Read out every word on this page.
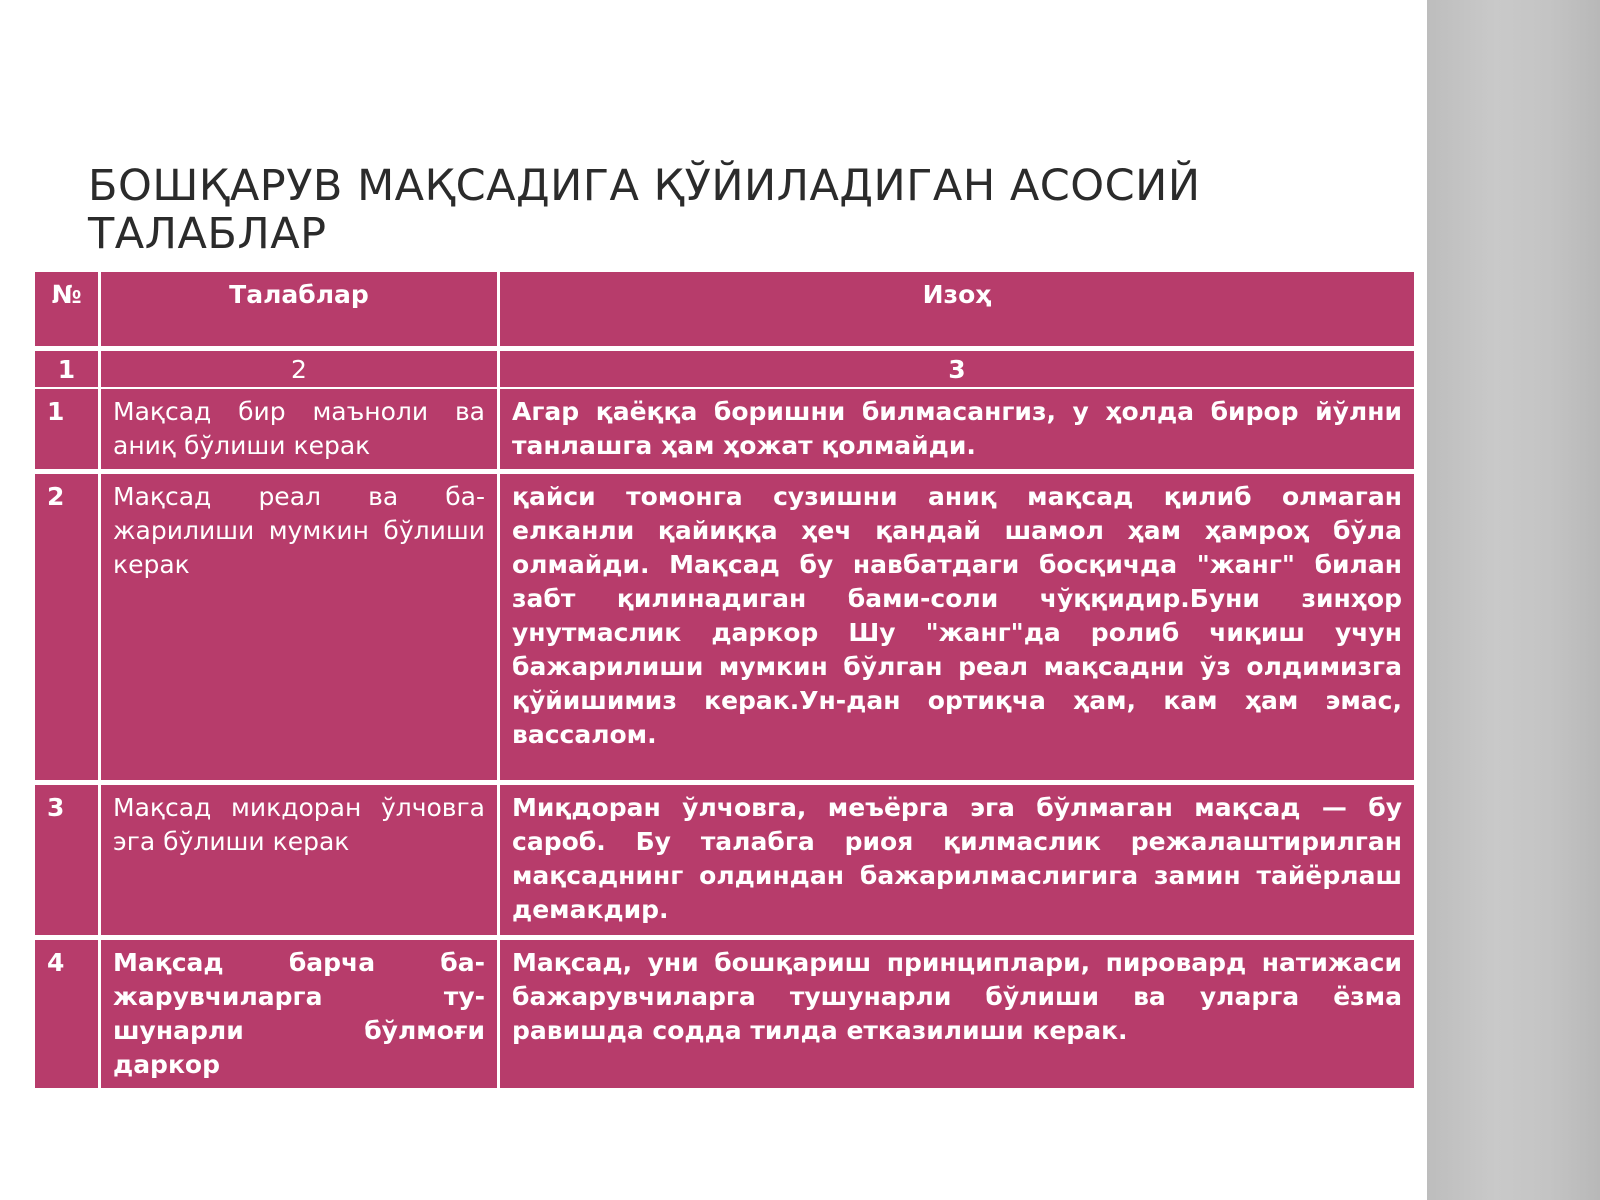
БОШҚАРУВ МАҚСАДИГА ҚЎЙИЛАДИГАН АСОСИЙ ТАЛАБЛАР
№	Талаблар	Изоҳ
1	2	3
1	Мақсад бир маъноли ва аниқ бўлиши керак	Агар қаёққа боришни билмасангиз, у ҳолда бирор йўлни танлашга ҳам ҳожат қолмайди.
2	Мақсад реал ва ба-жарилиши мумкин бўлиши керак	қайси томонга сузишни аниқ мақсад қилиб олмаган елканли қайиққа ҳеч қандай шамол ҳам ҳамроҳ бўла олмайди. Мақсад бу навбатдаги босқичда "жанг" билан забт қилинадиган бами-соли чўққидир.Буни зинҳор унутмаслик даркор Шу "жанг"да ролиб чиқиш учун бажарилиши мумкин бўлган реал мақсадни ўз олдимизга қўйишимиз керак.Ун-дан ортиқча ҳам, кам ҳам эмас, вассалом.
3	Мақсад микдоран ўлчовга эга бўлиши керак	Миқдоран ўлчовга, меъёрга эга бўлмаган мақсад — бу сароб. Бу талабга риоя қилмаслик режалаштирилган мақсаднинг олдиндан бажарилмаслигига замин тайёрлаш демакдир.
4	Мақсад барча ба-жарувчиларга ту-шунарли бўлмоғи даркор	Мақсад, уни бошқариш принциплари, пировард натижаси бажарувчиларга тушунарли бўлиши ва уларга ёзма равишда содда тилда етказилиши керак.
